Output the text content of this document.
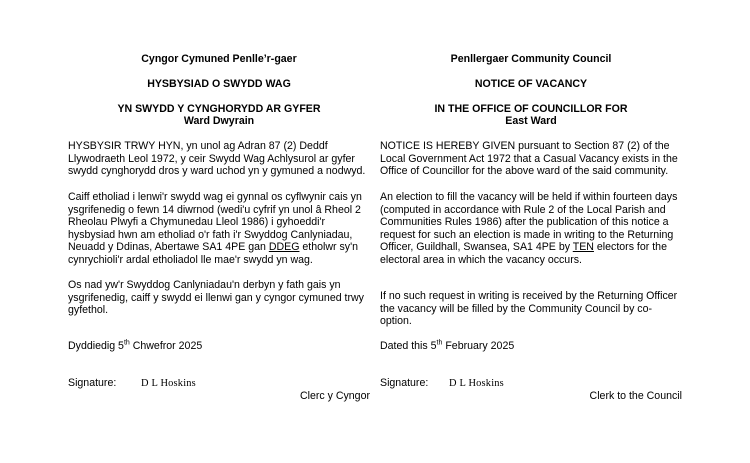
Cyngor Cymuned Penlle’r-gaer
HYSBYSIAD O SWYDD WAG
YN SWYDD Y CYNGHORYDD AR GYFER
Ward Dwyrain
HYSBYSIR TRWY HYN, yn unol ag Adran 87 (2) Deddf Llywodraeth Leol 1972, y ceir Swydd Wag Achlysurol ar gyfer swydd cynghorydd dros y ward uchod yn y gymuned a nodwyd.
Caiff etholiad i lenwi'r swydd wag ei gynnal os cyflwynir cais yn ysgrifenedig o fewn 14 diwrnod (wedi'u cyfrif yn unol â Rheol 2 Rheolau Plwyfi a Chymunedau Lleol 1986) i gyhoeddi'r hysbysiad hwn am etholiad o'r fath i'r Swyddog Canlyniadau, Neuadd y Ddinas, Abertawe SA1 4PE gan DDEG etholwr sy'n cynrychioli'r ardal etholiadol lle mae'r swydd yn wag.
Os nad yw'r Swyddog Canlyniadau'n derbyn y fath gais yn ysgrifenedig, caiff y swydd ei llenwi gan y cyngor cymuned trwy gyfethol.
Dyddiedig 5th Chwefror 2025
Signature: D L Hoskins
Clerc y Cyngor
Penllergaer Community Council
NOTICE OF VACANCY
IN THE OFFICE OF COUNCILLOR FOR
East Ward
NOTICE IS HEREBY GIVEN pursuant to Section 87 (2) of the Local Government Act 1972 that a Casual Vacancy exists in the Office of Councillor for the above ward of the said community.
An election to fill the vacancy will be held if within fourteen days (computed in accordance with Rule 2 of the Local Parish and Communities Rules 1986) after the publication of this notice a request for such an election is made in writing to the Returning Officer, Guildhall, Swansea, SA1 4PE by TEN electors for the electoral area in which the vacancy occurs.
If no such request in writing is received by the Returning Officer the vacancy will be filled by the Community Council by co-option.
Dated this 5th February 2025
Signature: D L Hoskins
Clerk to the Council
